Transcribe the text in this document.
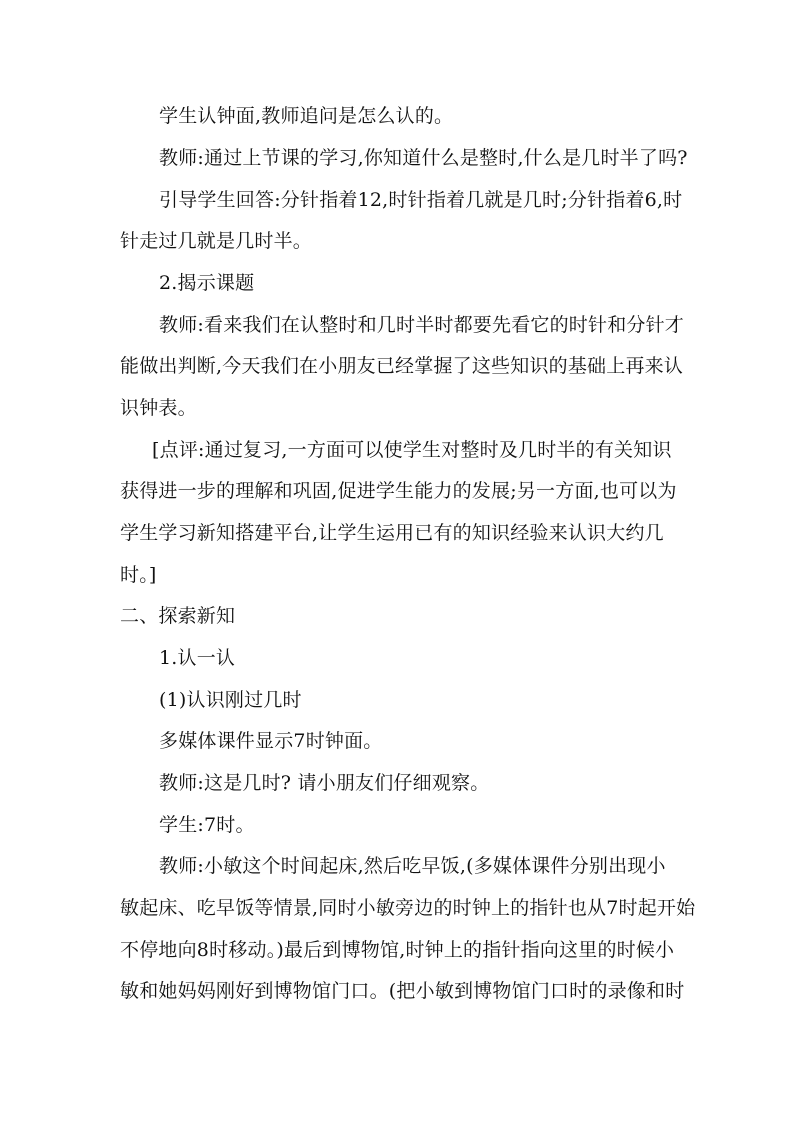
学生认钟面,教师追问是怎么认的。
教师:通过上节课的学习,你知道什么是整时,什么是几时半了吗?
引导学生回答:分针指着12,时针指着几就是几时;分针指着6,时
针走过几就是几时半。
2.揭示课题
教师:看来我们在认整时和几时半时都要先看它的时针和分针才
能做出判断,今天我们在小朋友已经掌握了这些知识的基础上再来认
识钟表。
[点评:通过复习,一方面可以使学生对整时及几时半的有关知识
获得进一步的理解和巩固,促进学生能力的发展;另一方面,也可以为
学生学习新知搭建平台,让学生运用已有的知识经验来认识大约几
时。]
二、探索新知
1.认一认
(1)认识刚过几时
多媒体课件显示7时钟面。
教师:这是几时? 请小朋友们仔细观察。
学生:7时。
教师:小敏这个时间起床,然后吃早饭,(多媒体课件分别出现小
敏起床、吃早饭等情景,同时小敏旁边的时钟上的指针也从7时起开始
不停地向8时移动。)最后到博物馆,时钟上的指针指向这里的时候小
敏和她妈妈刚好到博物馆门口。(把小敏到博物馆门口时的录像和时
